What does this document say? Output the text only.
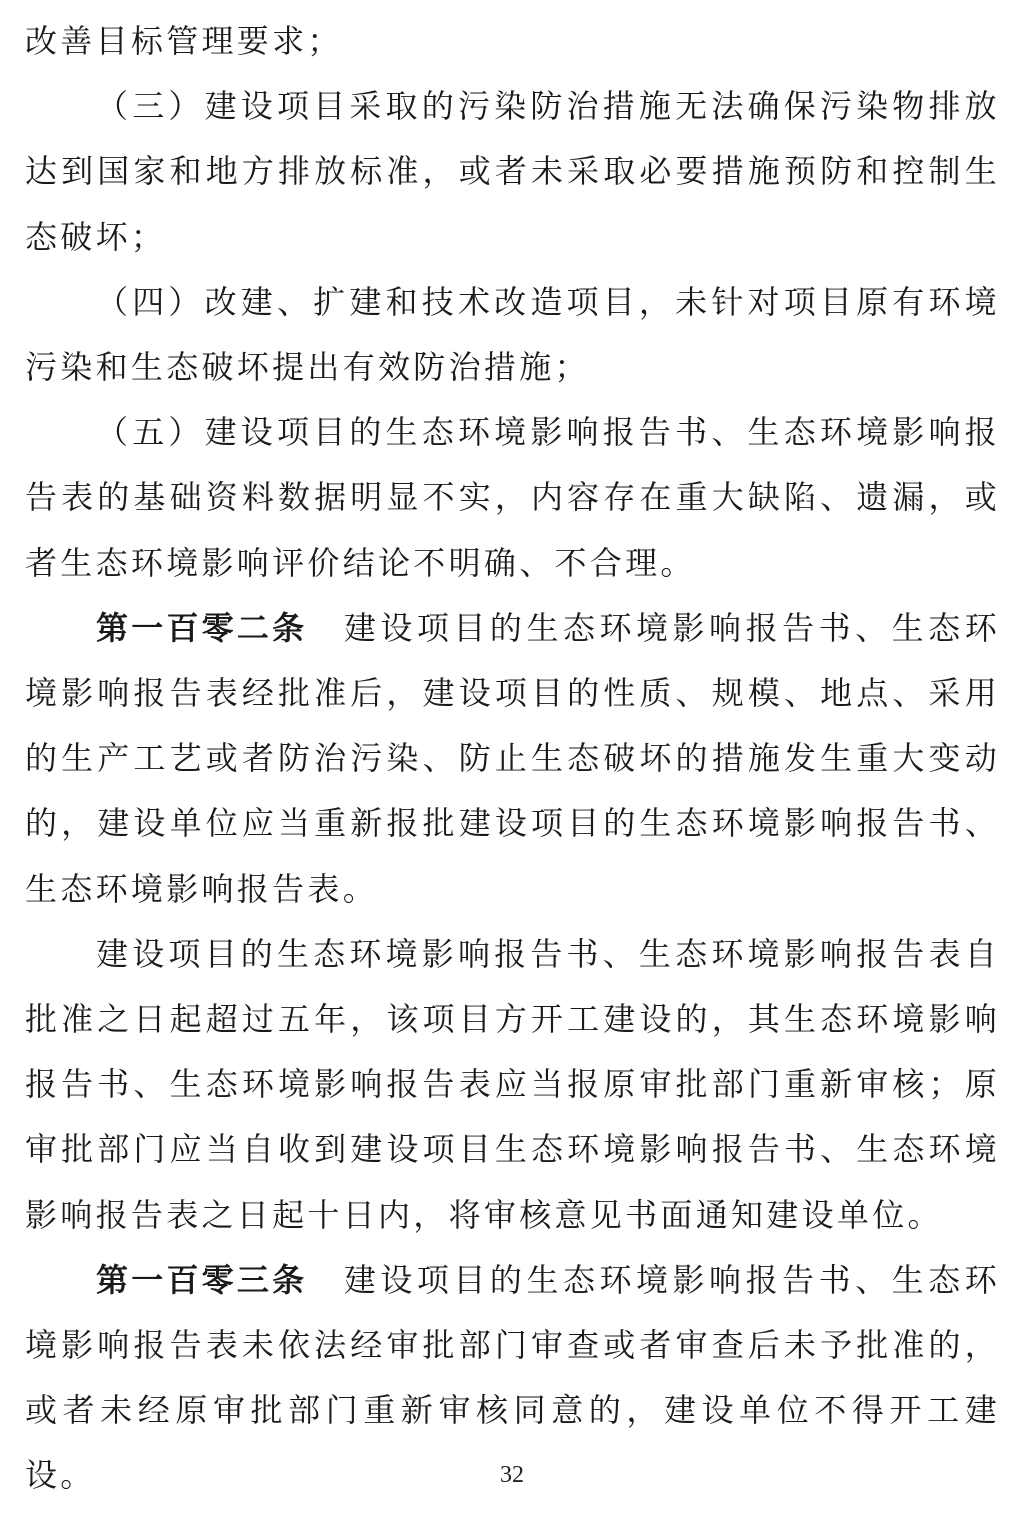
改善目标管理要求；

（三）建设项目采取的污染防治措施无法确保污染物排放达到国家和地方排放标准，或者未采取必要措施预防和控制生态破坏；

（四）改建、扩建和技术改造项目，未针对项目原有环境污染和生态破坏提出有效防治措施；

（五）建设项目的生态环境影响报告书、生态环境影响报告表的基础资料数据明显不实，内容存在重大缺陷、遗漏，或者生态环境影响评价结论不明确、不合理。

第一百零二条　 建设项目的生态环境影响报告书、生态环境影响报告表经批准后，建设项目的性质、规模、地点、采用的生产工艺或者防治污染、防止生态破坏的措施发生重大变动的，建设单位应当重新报批建设项目的生态环境影响报告书、生态环境影响报告表。

建设项目的生态环境影响报告书、生态环境影响报告表自批准之日起超过五年，该项目方开工建设的，其生态环境影响报告书、生态环境影响报告表应当报原审批部门重新审核；原审批部门应当自收到建设项目生态环境影响报告书、生态环境影响报告表之日起十日内，将审核意见书面通知建设单位。

第一百零三条　 建设项目的生态环境影响报告书、生态环境影响报告表未依法经审批部门审查或者审查后未予批准的，或者未经原审批部门重新审核同意的，建设单位不得开工建设。	32
